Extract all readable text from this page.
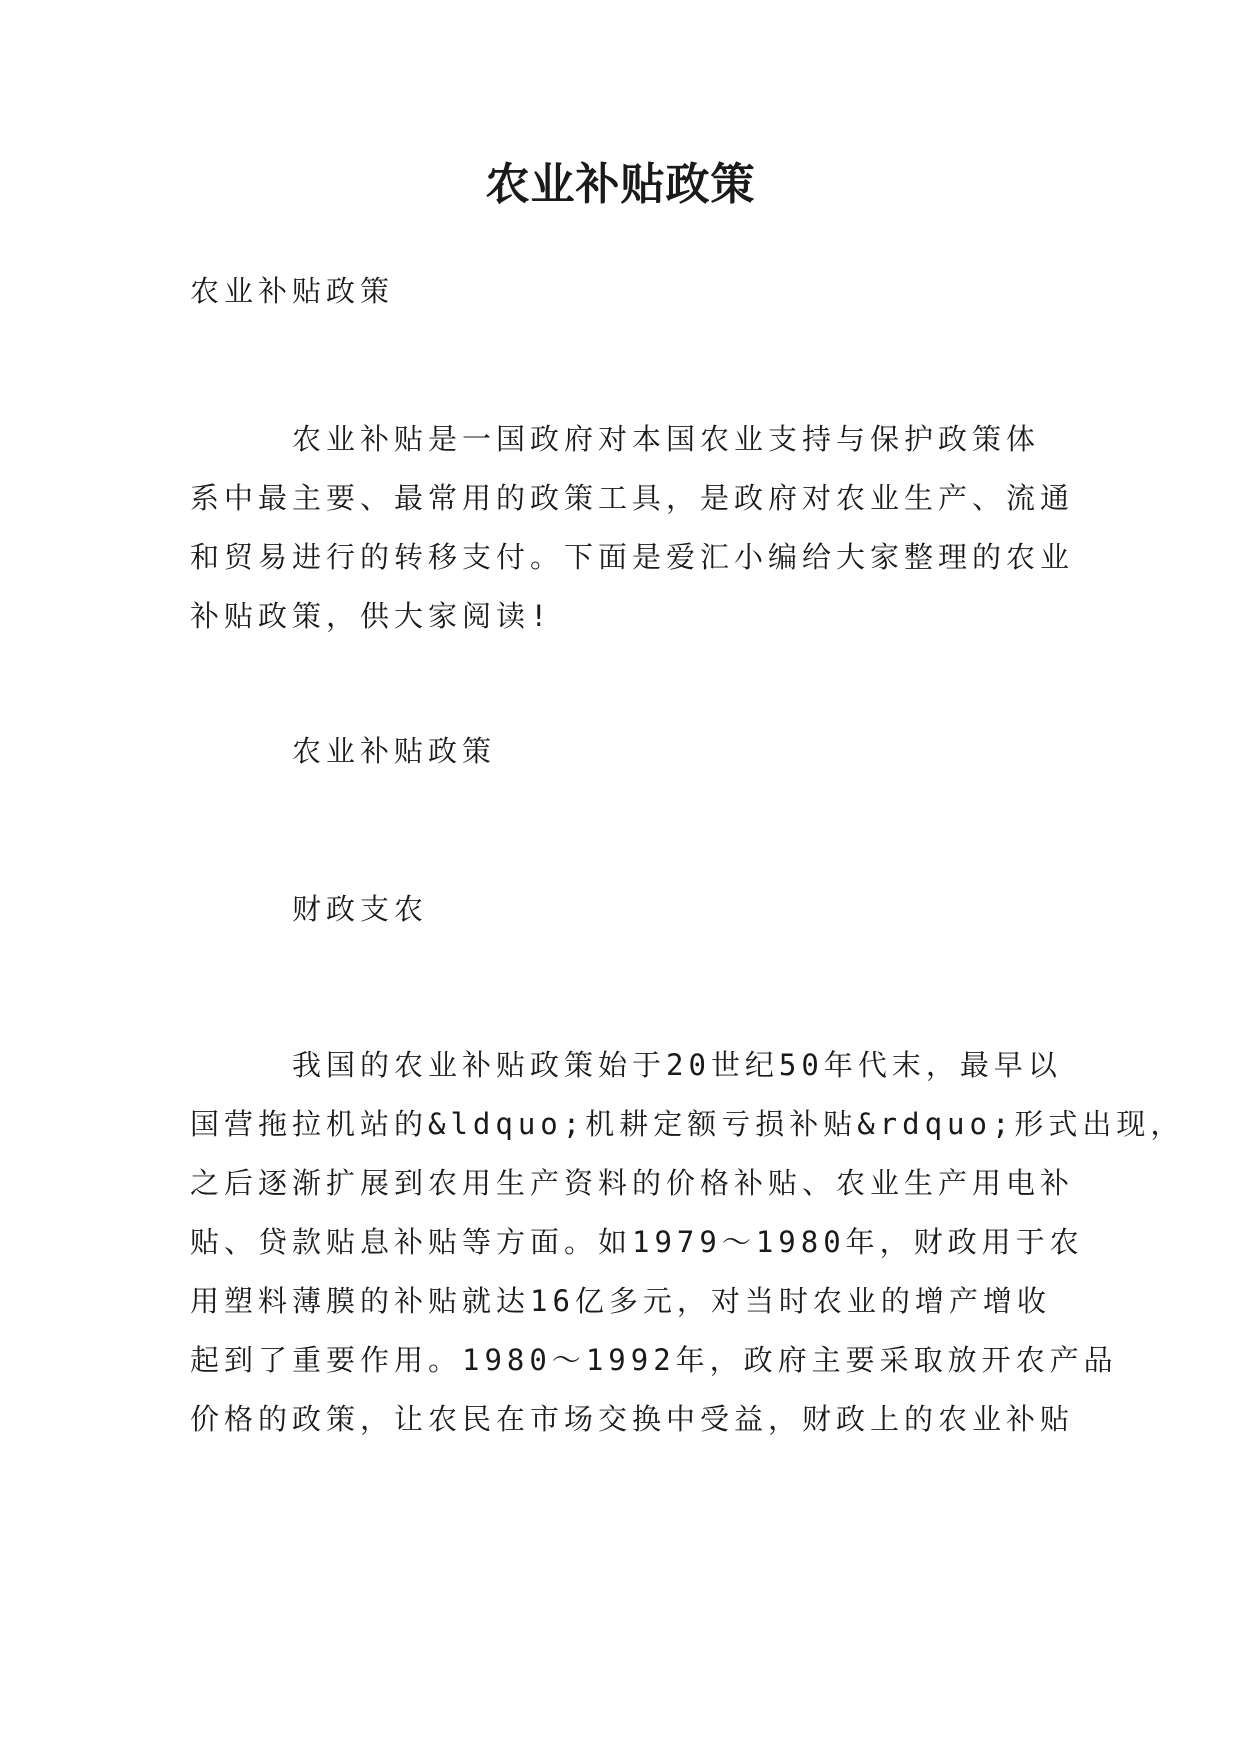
农业补贴政策

农业补贴政策

　　　农业补贴是一国政府对本国农业支持与保护政策体
系中最主要、最常用的政策工具，是政府对农业生产、流通
和贸易进行的转移支付。下面是爱汇小编给大家整理的农业
补贴政策，供大家阅读!

　　　农业补贴政策

　　　财政支农

　　　我国的农业补贴政策始于20世纪50年代末，最早以
国营拖拉机站的&ldquo;机耕定额亏损补贴&rdquo;形式出现，
之后逐渐扩展到农用生产资料的价格补贴、农业生产用电补
贴、贷款贴息补贴等方面。如1979～1980年，财政用于农
用塑料薄膜的补贴就达16亿多元，对当时农业的增产增收
起到了重要作用。1980～1992年，政府主要采取放开农产品
价格的政策，让农民在市场交换中受益，财政上的农业补贴
